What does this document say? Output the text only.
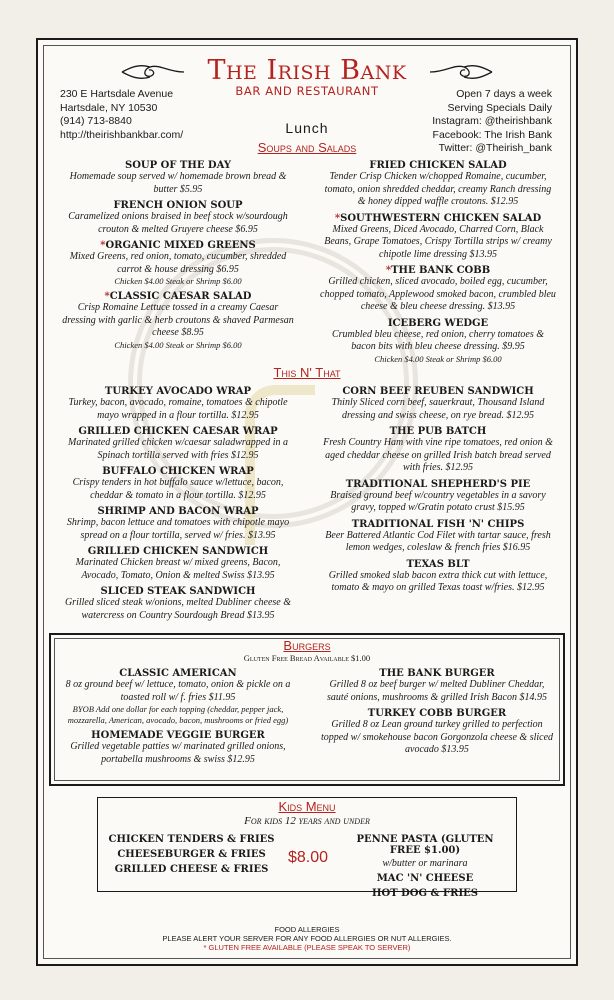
The Irish Bank
BAR AND RESTAURANT
230 E Hartsdale Avenue
Hartsdale, NY 10530
(914) 713-8840
http://theirishbankbar.com/
Open 7 days a week
Serving Specials Daily
Instagram: @theirishbank
Facebook: The Irish Bank
Twitter: @Theirish_bank
Lunch
Soups and Salads
SOUP OF THE DAY
Homemade soup served w/ homemade brown bread & butter $5.95
FRENCH ONION SOUP
Caramelized onions braised in beef stock w/sourdough crouton & melted Gruyere cheese $6.95
*ORGANIC MIXED GREENS
Mixed Greens, red onion, tomato, cucumber, shredded carrot & house dressing $6.95
Chicken $4.00 Steak or Shrimp $6.00
*CLASSIC CAESAR SALAD
Crisp Romaine Lettuce tossed in a creamy Caesar dressing with garlic & herb croutons & shaved Parmesan cheese $8.95
Chicken $4.00 Steak or Shrimp $6.00
FRIED CHICKEN SALAD
Tender Crisp Chicken w/chopped Romaine, cucumber, tomato, onion shredded cheddar, creamy Ranch dressing & honey dipped waffle croutons. $12.95
*SOUTHWESTERN CHICKEN SALAD
Mixed Greens, Diced Avocado, Charred Corn, Black Beans, Grape Tomatoes, Crispy Tortilla strips w/ creamy chipotle lime dressing $13.95
*THE BANK COBB
Grilled chicken, sliced avocado, boiled egg, cucumber, chopped tomato, Applewood smoked bacon, crumbled bleu cheese & bleu cheese dressing. $13.95
ICEBERG WEDGE
Crumbled bleu cheese, red onion, cherry tomatoes & bacon bits with bleu cheese dressing. $9.95
Chicken $4.00 Steak or Shrimp $6.00
This N' That
TURKEY AVOCADO WRAP
Turkey, bacon, avocado, romaine, tomatoes & chipotle mayo wrapped in a flour tortilla. $12.95
GRILLED CHICKEN CAESAR WRAP
Marinated grilled chicken w/caesar saladwrapped in a Spinach tortilla served with fries $12.95
BUFFALO CHICKEN WRAP
Crispy tenders in hot buffalo sauce w/lettuce, bacon, cheddar & tomato in a flour tortilla. $12.95
SHRIMP AND BACON WRAP
Shrimp, bacon lettuce and tomatoes with chipotle mayo spread on a flour tortilla, served w/ fries. $13.95
GRILLED CHICKEN SANDWICH
Marinated Chicken breast w/ mixed greens, Bacon, Avocado, Tomato, Onion & melted Swiss $13.95
SLICED STEAK SANDWICH
Grilled sliced steak w/onions, melted Dubliner cheese & watercress on Country Sourdough Bread $13.95
CORN BEEF REUBEN SANDWICH
Thinly Sliced corn beef, sauerkraut, Thousand Island dressing and swiss cheese, on rye bread. $12.95
THE PUB BATCH
Fresh Country Ham with vine ripe tomatoes, red onion & aged cheddar cheese on grilled Irish batch bread served with fries. $12.95
TRADITIONAL SHEPHERD'S PIE
Braised ground beef w/country vegetables in a savory gravy, topped w/Gratin potato crust $15.95
TRADITIONAL FISH 'N' CHIPS
Beer Battered Atlantic Cod Filet with tartar sauce, fresh lemon wedges, coleslaw & french fries $16.95
TEXAS BLT
Grilled smoked slab bacon extra thick cut with lettuce, tomato & mayo on grilled Texas toast w/fries. $12.95
Burgers
Gluten Free Bread Available $1.00
CLASSIC AMERICAN
8 oz ground beef w/ lettuce, tomato, onion & pickle on a toasted roll w/ f. fries $11.95
BYOB Add one dollar for each topping (cheddar, pepper jack, mozzarella, American, avocado, bacon, mushrooms or fried egg)
HOMEMADE VEGGIE BURGER
Grilled vegetable patties w/ marinated grilled onions, portabella mushrooms & swiss $12.95
THE BANK BURGER
Grilled 8 oz beef burger w/ melted Dubliner Cheddar, sauté onions, mushrooms & grilled Irish Bacon $14.95
TURKEY COBB BURGER
Grilled 8 oz Lean ground turkey grilled to perfection topped w/ smokehouse bacon Gorgonzola cheese & sliced avocado $13.95
Kids Menu
For kids 12 years and under
CHICKEN TENDERS & FRIES
CHEESEBURGER & FRIES
GRILLED CHEESE & FRIES
$8.00
PENNE PASTA (GLUTEN FREE $1.00)
w/butter or marinara
MAC 'N' CHEESE
HOT DOG & FRIES
FOOD ALLERGIES
PLEASE ALERT YOUR SERVER FOR ANY FOOD ALLERGIES OR NUT ALLERGIES.
* GLUTEN FREE AVAILABLE (PLEASE SPEAK TO SERVER)
